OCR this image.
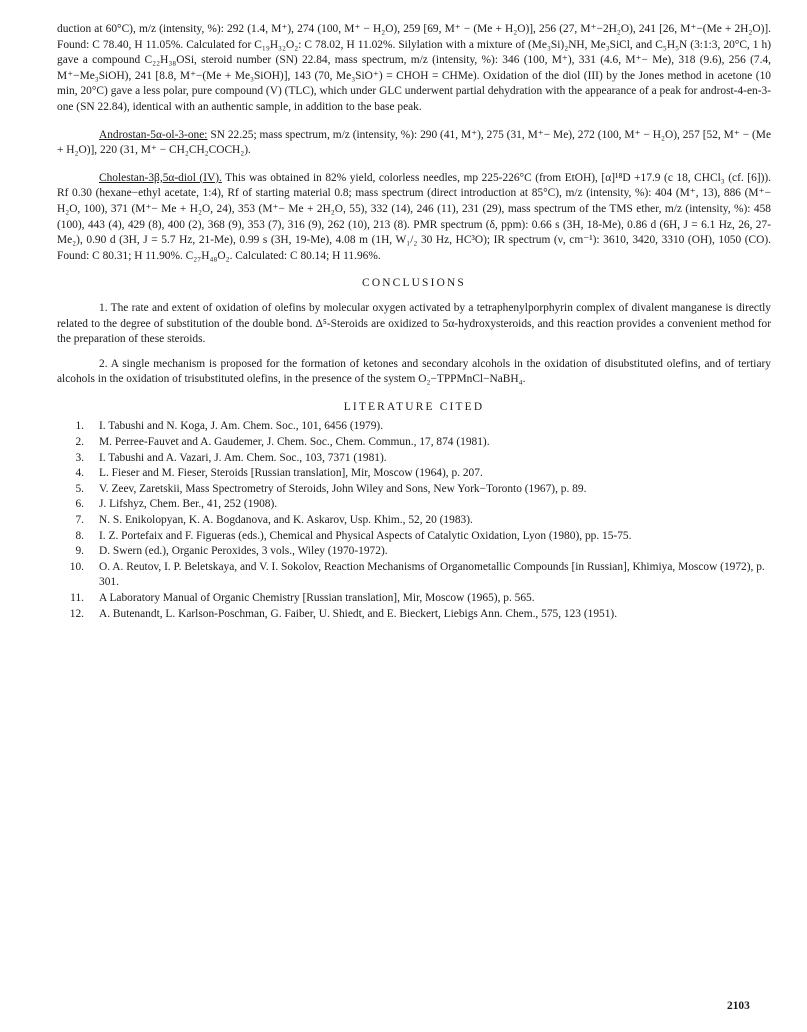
duction at 60°C), m/z (intensity, %): 292 (1.4, M⁺), 274 (100, M⁺ − H₂O), 259 [69, M⁺ − (Me + H₂O)], 256 (27, M⁺−2H₂O), 241 [26, M⁺−(Me + 2H₂O)]. Found: C 78.40, H 11.05%. Calculated for C₁₉H₃₂O₂: C 78.02, H 11.02%. Silylation with a mixture of (Me₃Si)₂NH, Me₃SiCl, and C₅H₅N (3:1:3, 20°C, 1 h) gave a compound C₂₂H₃₈OSi, steroid number (SN) 22.84, mass spectrum, m/z (intensity, %): 346 (100, M⁺), 331 (4.6, M⁺− Me), 318 (9.6), 256 (7.4, M⁺−Me₃SiOH), 241 [8.8, M⁺−(Me + Me₃SiOH)], 143 (70, Me₃SiO⁺) = CHOH = CHMe). Oxidation of the diol (III) by the Jones method in acetone (10 min, 20°C) gave a less polar, pure compound (V) (TLC), which under GLC underwent partial dehydration with the appearance of a peak for androst-4-en-3-one (SN 22.84), identical with an authentic sample, in addition to the base peak.

Androstan-5α-ol-3-one: SN 22.25; mass spectrum, m/z (intensity, %): 290 (41, M⁺), 275 (31, M⁺− Me), 272 (100, M⁺ − H₂O), 257 [52, M⁺ − (Me + H₂O)], 220 (31, M⁺ − CH₂CH₂COCH₂).

Cholestan-3β,5α-diol (IV). This was obtained in 82% yield, colorless needles, mp 225-226°C (from EtOH), [α]¹⁸D +17.9 (c 18, CHCl₃ (cf. [6])). Rf 0.30 (hexane−ethyl acetate, 1:4), Rf of starting material 0.8; mass spectrum (direct introduction at 85°C), m/z (intensity, %): 404 (M⁺, 13), 886 (M⁺− H₂O, 100), 371 (M⁺− Me + H₂O, 24), 353 (M⁺− Me + 2H₂O, 55), 332 (14), 246 (11), 231 (29), mass spectrum of the TMS ether, m/z (intensity, %): 458 (100), 443 (4), 429 (8), 400 (2), 368 (9), 353 (7), 316 (9), 262 (10), 213 (8). PMR spectrum (δ, ppm): 0.66 s (3H, 18-Me), 0.86 d (6H, J = 6.1 Hz, 26, 27-Me₂), 0.90 d (3H, J = 5.7 Hz, 21-Me), 0.99 s (3H, 19-Me), 4.08 m (1H, W₁/₂ 30 Hz, HC³O); IR spectrum (ν, cm⁻¹): 3610, 3420, 3310 (OH), 1050 (CO). Found: C 80.31; H 11.90%. C₂₇H₄₈O₂. Calculated: C 80.14; H 11.96%.

CONCLUSIONS

1. The rate and extent of oxidation of olefins by molecular oxygen activated by a tetraphenylporphyrin complex of divalent manganese is directly related to the degree of substitution of the double bond. Δ⁵-Steroids are oxidized to 5α-hydroxysteroids, and this reaction provides a convenient method for the preparation of these steroids.

2. A single mechanism is proposed for the formation of ketones and secondary alcohols in the oxidation of disubstituted olefins, and of tertiary alcohols in the oxidation of trisubstituted olefins, in the presence of the system O₂−TPPMnCl−NaBH₄.

LITERATURE CITED

1.	I. Tabushi and N. Koga, J. Am. Chem. Soc., 101, 6456 (1979).
2.	M. Perree-Fauvet and A. Gaudemer, J. Chem. Soc., Chem. Commun., 17, 874 (1981).
3.	I. Tabushi and A. Vazari, J. Am. Chem. Soc., 103, 7371 (1981).
4.	L. Fieser and M. Fieser, Steroids [Russian translation], Mir, Moscow (1964), p. 207.
5.	V. Zeev, Zaretskii, Mass Spectrometry of Steroids, John Wiley and Sons, New York−Toronto (1967), p. 89.
6.	J. Lifshyz, Chem. Ber., 41, 252 (1908).
7.	N. S. Enikolopyan, K. A. Bogdanova, and K. Askarov, Usp. Khim., 52, 20 (1983).
8.	I. Z. Portefaix and F. Figueras (eds.), Chemical and Physical Aspects of Catalytic Oxidation, Lyon (1980), pp. 15-75.
9.	D. Swern (ed.), Organic Peroxides, 3 vols., Wiley (1970-1972).
10.	O. A. Reutov, I. P. Beletskaya, and V. I. Sokolov, Reaction Mechanisms of Organometallic Compounds [in Russian], Khimiya, Moscow (1972), p. 301.
11.	A Laboratory Manual of Organic Chemistry [Russian translation], Mir, Moscow (1965), p. 565.
12.	A. Butenandt, L. Karlson-Poschman, G. Faiber, U. Shiedt, and E. Bieckert, Liebigs Ann. Chem., 575, 123 (1951).
2103
